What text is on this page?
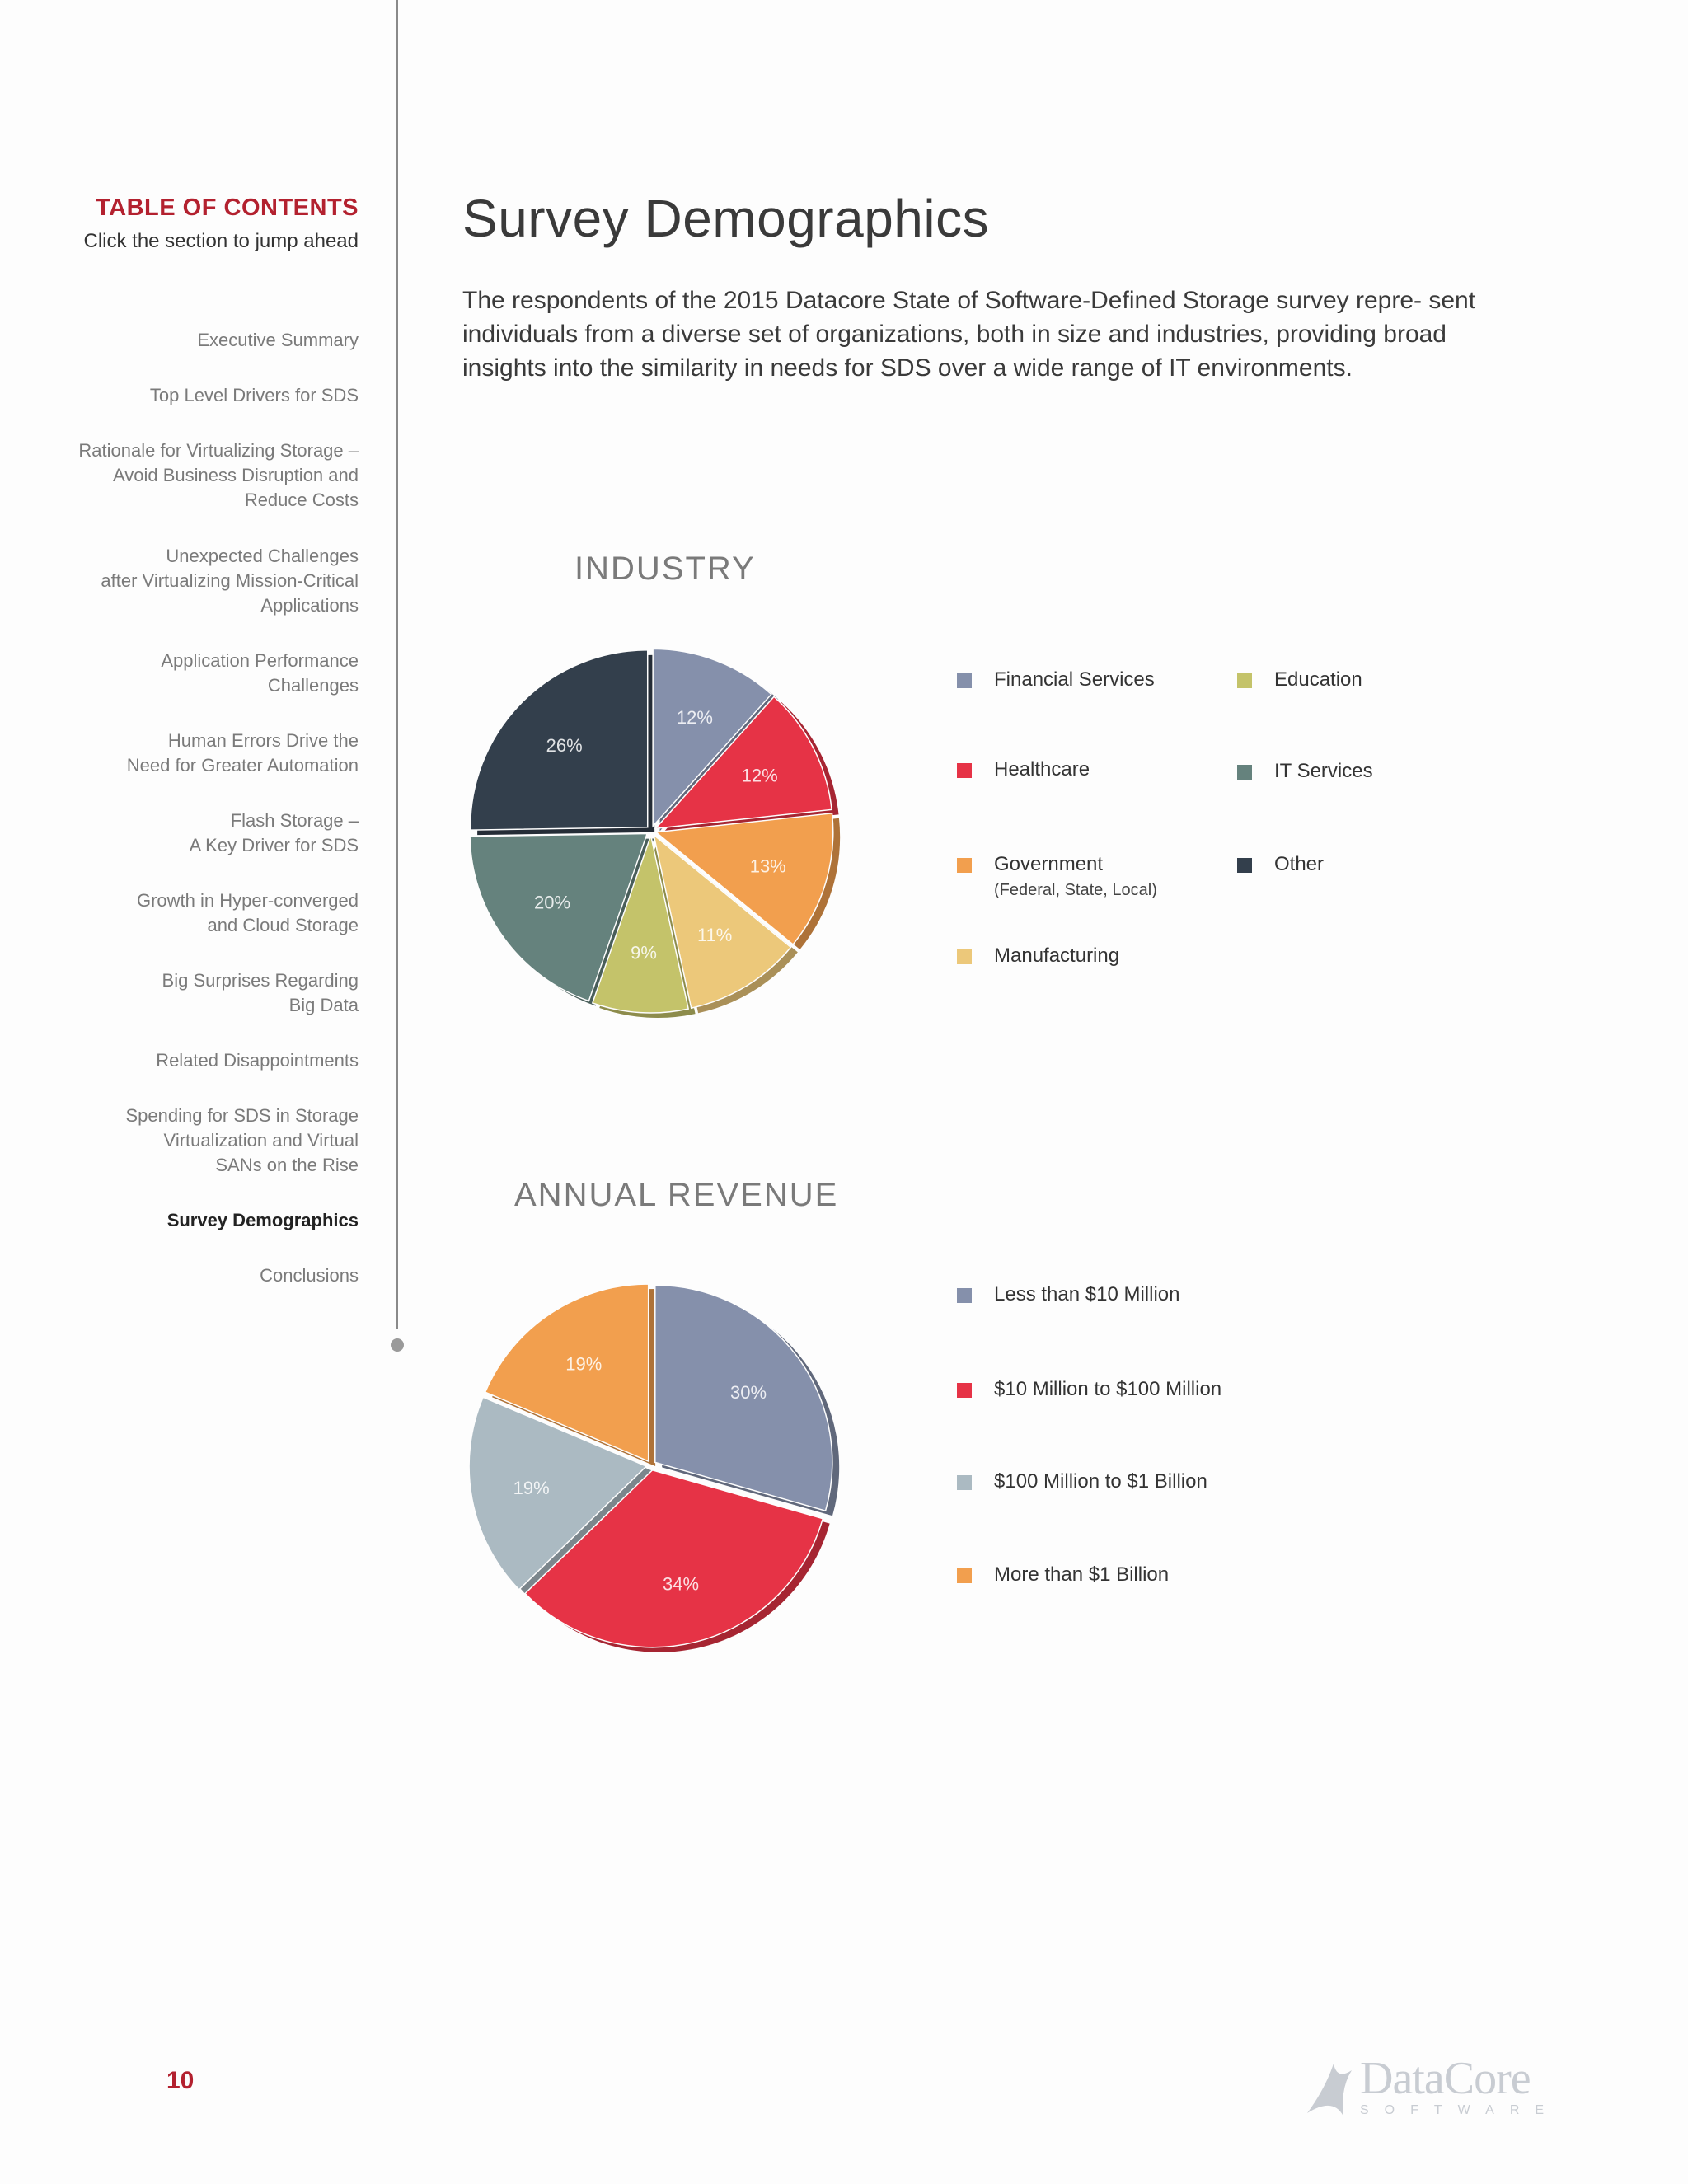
TABLE OF CONTENTS
Click the section to jump ahead
Executive Summary
Top Level Drivers for SDS
Rationale for Virtualizing Storage –
Avoid Business Disruption and
Reduce Costs
Unexpected Challenges
after Virtualizing Mission-Critical
Applications
Application Performance
Challenges
Human Errors Drive the
Need for Greater Automation
Flash Storage –
A Key Driver for SDS
Growth in Hyper-converged
and Cloud Storage
Big Surprises Regarding
Big Data
Related Disappointments
Spending for SDS in Storage
Virtualization and Virtual
SANs on the Rise
Survey Demographics
Conclusions
Survey Demographics

The respondents of the 2015 Datacore State of Software-Defined Storage survey repre- sent individuals from a diverse set of organizations, both in size and industries, providing broad insights into the similarity in needs for SDS over a wide range of IT environments.

INDUSTRY
12%
12%
13%
11%
9%
20%
26%
Financial Services
Healthcare
Government
(Federal, State, Local)
Manufacturing
Education
IT Services
Other
ANNUAL REVENUE
30%
34%
19%
19%
Less than $10 Million
$10 Million to $100 Million
$100 Million to $1 Billion
More than $1 Billion
10	DataCore
SOFTWARE
